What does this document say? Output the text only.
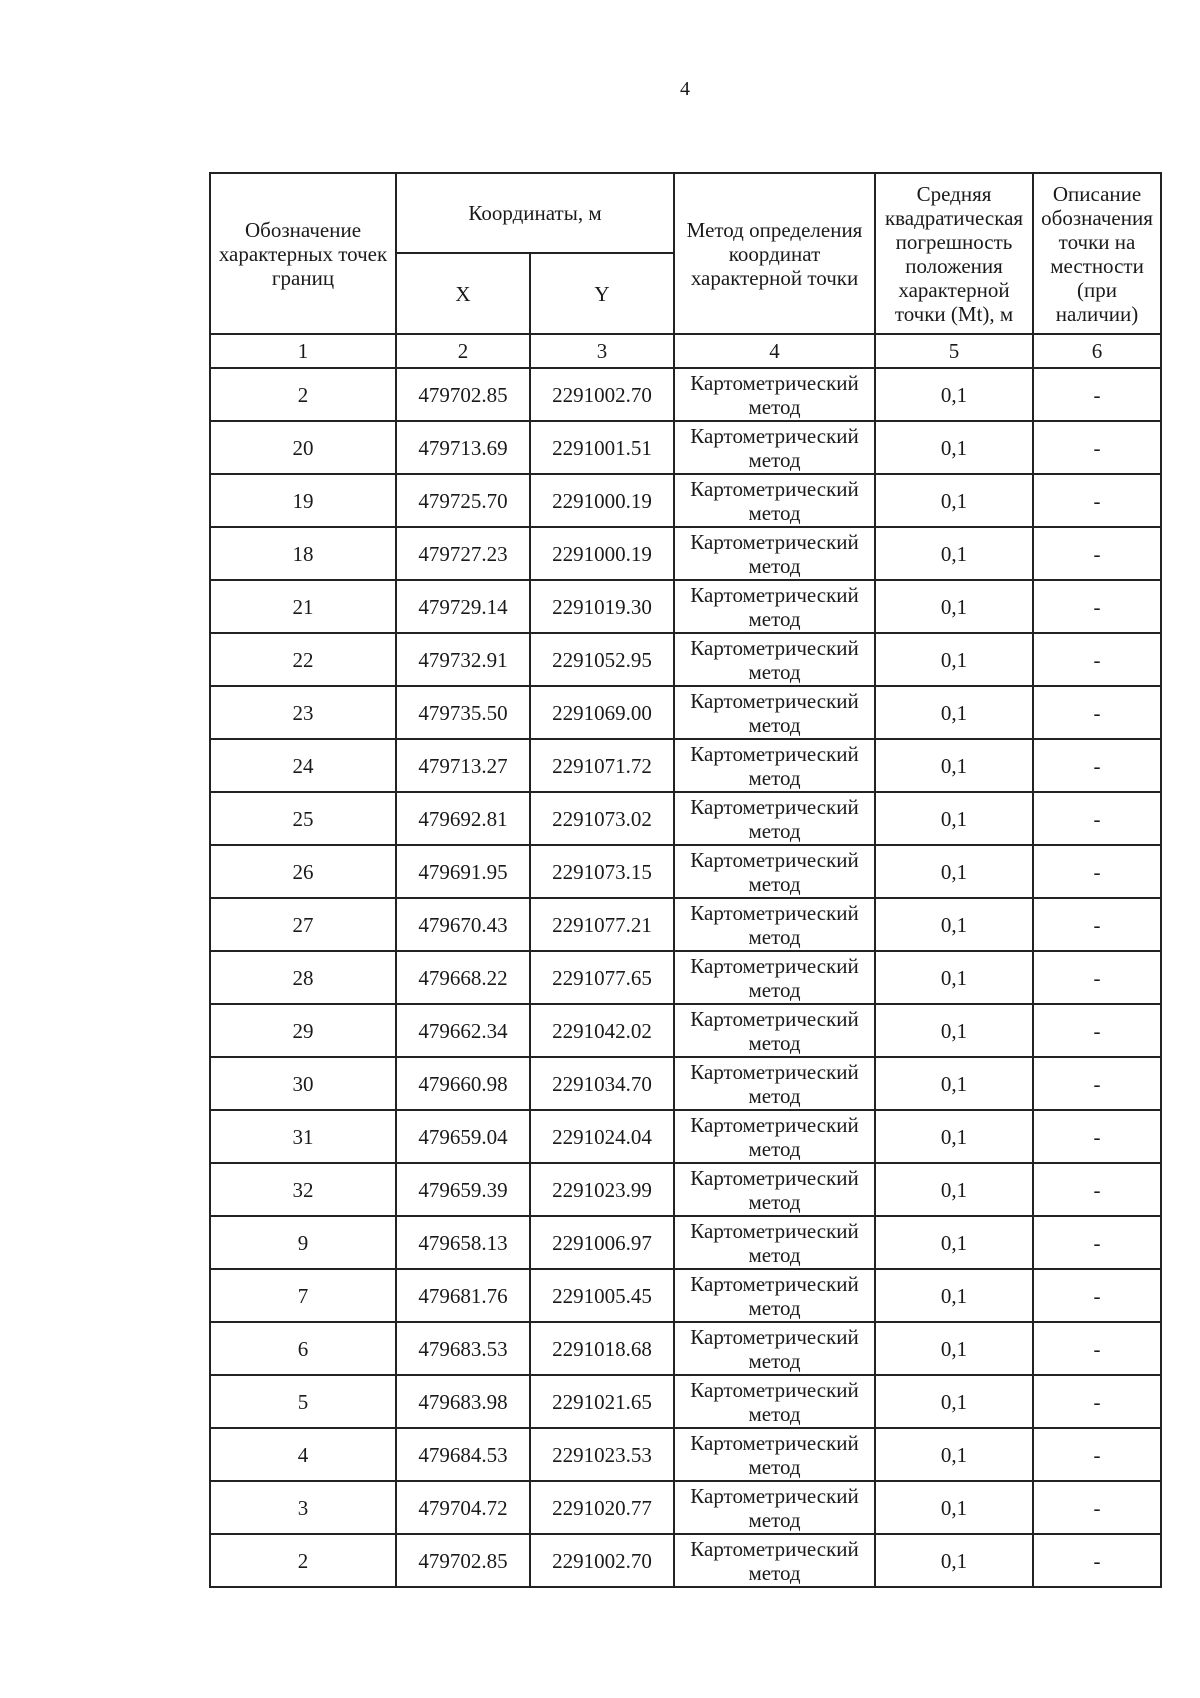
4
Обозначение характерных точек границ	Координаты, м		Метод определения координат характерной точки	Средняя квадратическая погрешность положения характерной точки (Mt), м	Описание обозначения точки на местности (при наличии)
	X	Y			
1	2	3	4	5	6
2	479702.85	2291002.70	Картометрический метод	0,1	-
20	479713.69	2291001.51	Картометрический метод	0,1	-
19	479725.70	2291000.19	Картометрический метод	0,1	-
18	479727.23	2291000.19	Картометрический метод	0,1	-
21	479729.14	2291019.30	Картометрический метод	0,1	-
22	479732.91	2291052.95	Картометрический метод	0,1	-
23	479735.50	2291069.00	Картометрический метод	0,1	-
24	479713.27	2291071.72	Картометрический метод	0,1	-
25	479692.81	2291073.02	Картометрический метод	0,1	-
26	479691.95	2291073.15	Картометрический метод	0,1	-
27	479670.43	2291077.21	Картометрический метод	0,1	-
28	479668.22	2291077.65	Картометрический метод	0,1	-
29	479662.34	2291042.02	Картометрический метод	0,1	-
30	479660.98	2291034.70	Картометрический метод	0,1	-
31	479659.04	2291024.04	Картометрический метод	0,1	-
32	479659.39	2291023.99	Картометрический метод	0,1	-
9	479658.13	2291006.97	Картометрический метод	0,1	-
7	479681.76	2291005.45	Картометрический метод	0,1	-
6	479683.53	2291018.68	Картометрический метод	0,1	-
5	479683.98	2291021.65	Картометрический метод	0,1	-
4	479684.53	2291023.53	Картометрический метод	0,1	-
3	479704.72	2291020.77	Картометрический метод	0,1	-
2	479702.85	2291002.70	Картометрический метод	0,1	-
